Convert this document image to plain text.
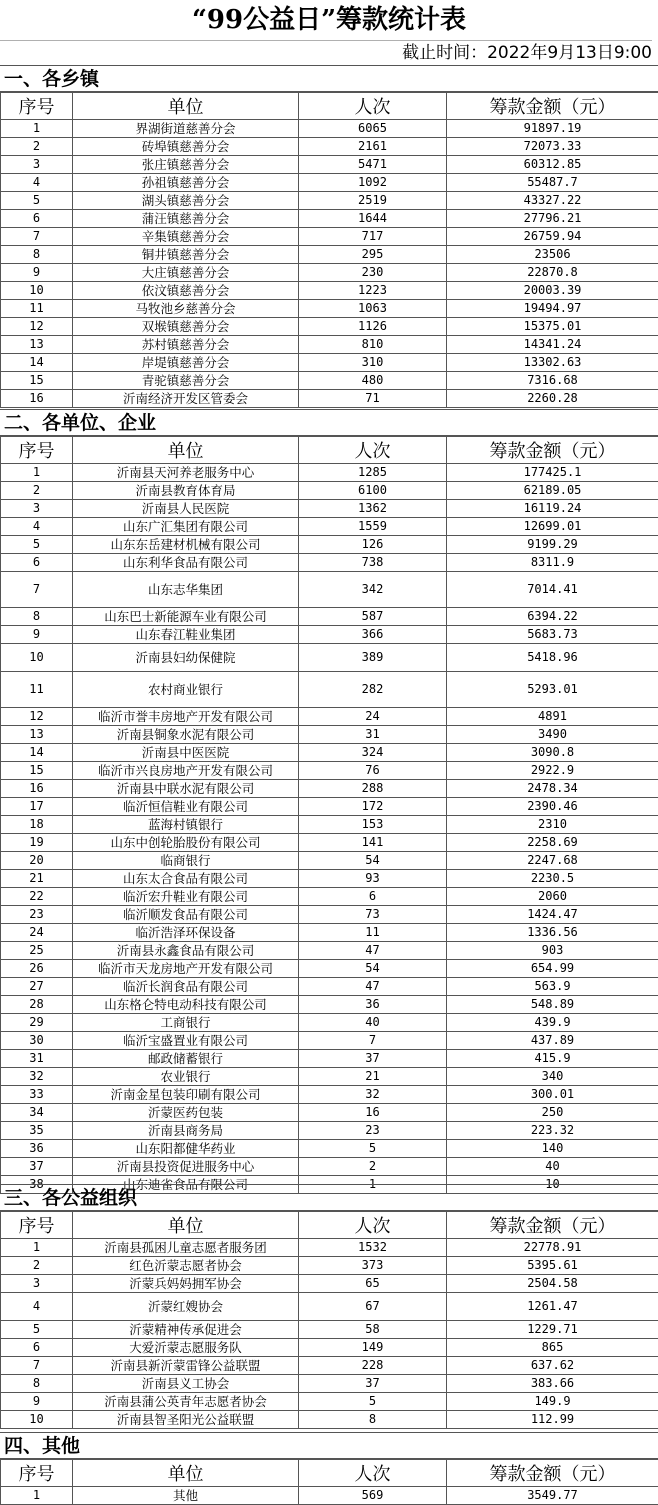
“99公益日”筹款统计表
截止时间：2022年9月13日9:00
一、各乡镇
序号	单位	人次	筹款金额（元）
1	界湖街道慈善分会	6065	91897.19
2	砖埠镇慈善分会	2161	72073.33
3	张庄镇慈善分会	5471	60312.85
4	孙祖镇慈善分会	1092	55487.7
5	湖头镇慈善分会	2519	43327.22
6	蒲汪镇慈善分会	1644	27796.21
7	辛集镇慈善分会	717	26759.94
8	铜井镇慈善分会	295	23506
9	大庄镇慈善分会	230	22870.8
10	依汶镇慈善分会	1223	20003.39
11	马牧池乡慈善分会	1063	19494.97
12	双堠镇慈善分会	1126	15375.01
13	苏村镇慈善分会	810	14341.24
14	岸堤镇慈善分会	310	13302.63
15	青驼镇慈善分会	480	7316.68
16	沂南经济开发区管委会	71	2260.28
二、各单位、企业
序号	单位	人次	筹款金额（元）
1	沂南县天河养老服务中心	1285	177425.1
2	沂南县教育体育局	6100	62189.05
3	沂南县人民医院	1362	16119.24
4	山东广汇集团有限公司	1559	12699.01
5	山东东岳建材机械有限公司	126	9199.29
6	山东利华食品有限公司	738	8311.9
7	山东志华集团	342	7014.41
8	山东巴士新能源车业有限公司	587	6394.22
9	山东春江鞋业集团	366	5683.73
10	沂南县妇幼保健院	389	5418.96
11	农村商业银行	282	5293.01
12	临沂市誉丰房地产开发有限公司	24	4891
13	沂南县铜象水泥有限公司	31	3490
14	沂南县中医医院	324	3090.8
15	临沂市兴良房地产开发有限公司	76	2922.9
16	沂南县中联水泥有限公司	288	2478.34
17	临沂恒信鞋业有限公司	172	2390.46
18	蓝海村镇银行	153	2310
19	山东中创轮胎股份有限公司	141	2258.69
20	临商银行	54	2247.68
21	山东太合食品有限公司	93	2230.5
22	临沂宏升鞋业有限公司	6	2060
23	临沂顺发食品有限公司	73	1424.47
24	临沂浩泽环保设备	11	1336.56
25	沂南县永鑫食品有限公司	47	903
26	临沂市天龙房地产开发有限公司	54	654.99
27	临沂长润食品有限公司	47	563.9
28	山东格仑特电动科技有限公司	36	548.89
29	工商银行	40	439.9
30	临沂宝盛置业有限公司	7	437.89
31	邮政储蓄银行	37	415.9
32	农业银行	21	340
33	沂南金星包装印刷有限公司	32	300.01
34	沂蒙医药包装	16	250
35	沂南县商务局	23	223.32
36	山东阳都健华药业	5	140
37	沂南县投资促进服务中心	2	40
38	山东迪雀食品有限公司	1	10
三、各公益组织
序号	单位	人次	筹款金额（元）
1	沂南县孤困儿童志愿者服务团	1532	22778.91
2	红色沂蒙志愿者协会	373	5395.61
3	沂蒙兵妈妈拥军协会	65	2504.58
4	沂蒙红嫂协会	67	1261.47
5	沂蒙精神传承促进会	58	1229.71
6	大爱沂蒙志愿服务队	149	865
7	沂南县新沂蒙雷锋公益联盟	228	637.62
8	沂南县义工协会	37	383.66
9	沂南县蒲公英青年志愿者协会	5	149.9
10	沂南县智圣阳光公益联盟	8	112.99
四、其他
序号	单位	人次	筹款金额（元）
1	其他	569	3549.77
